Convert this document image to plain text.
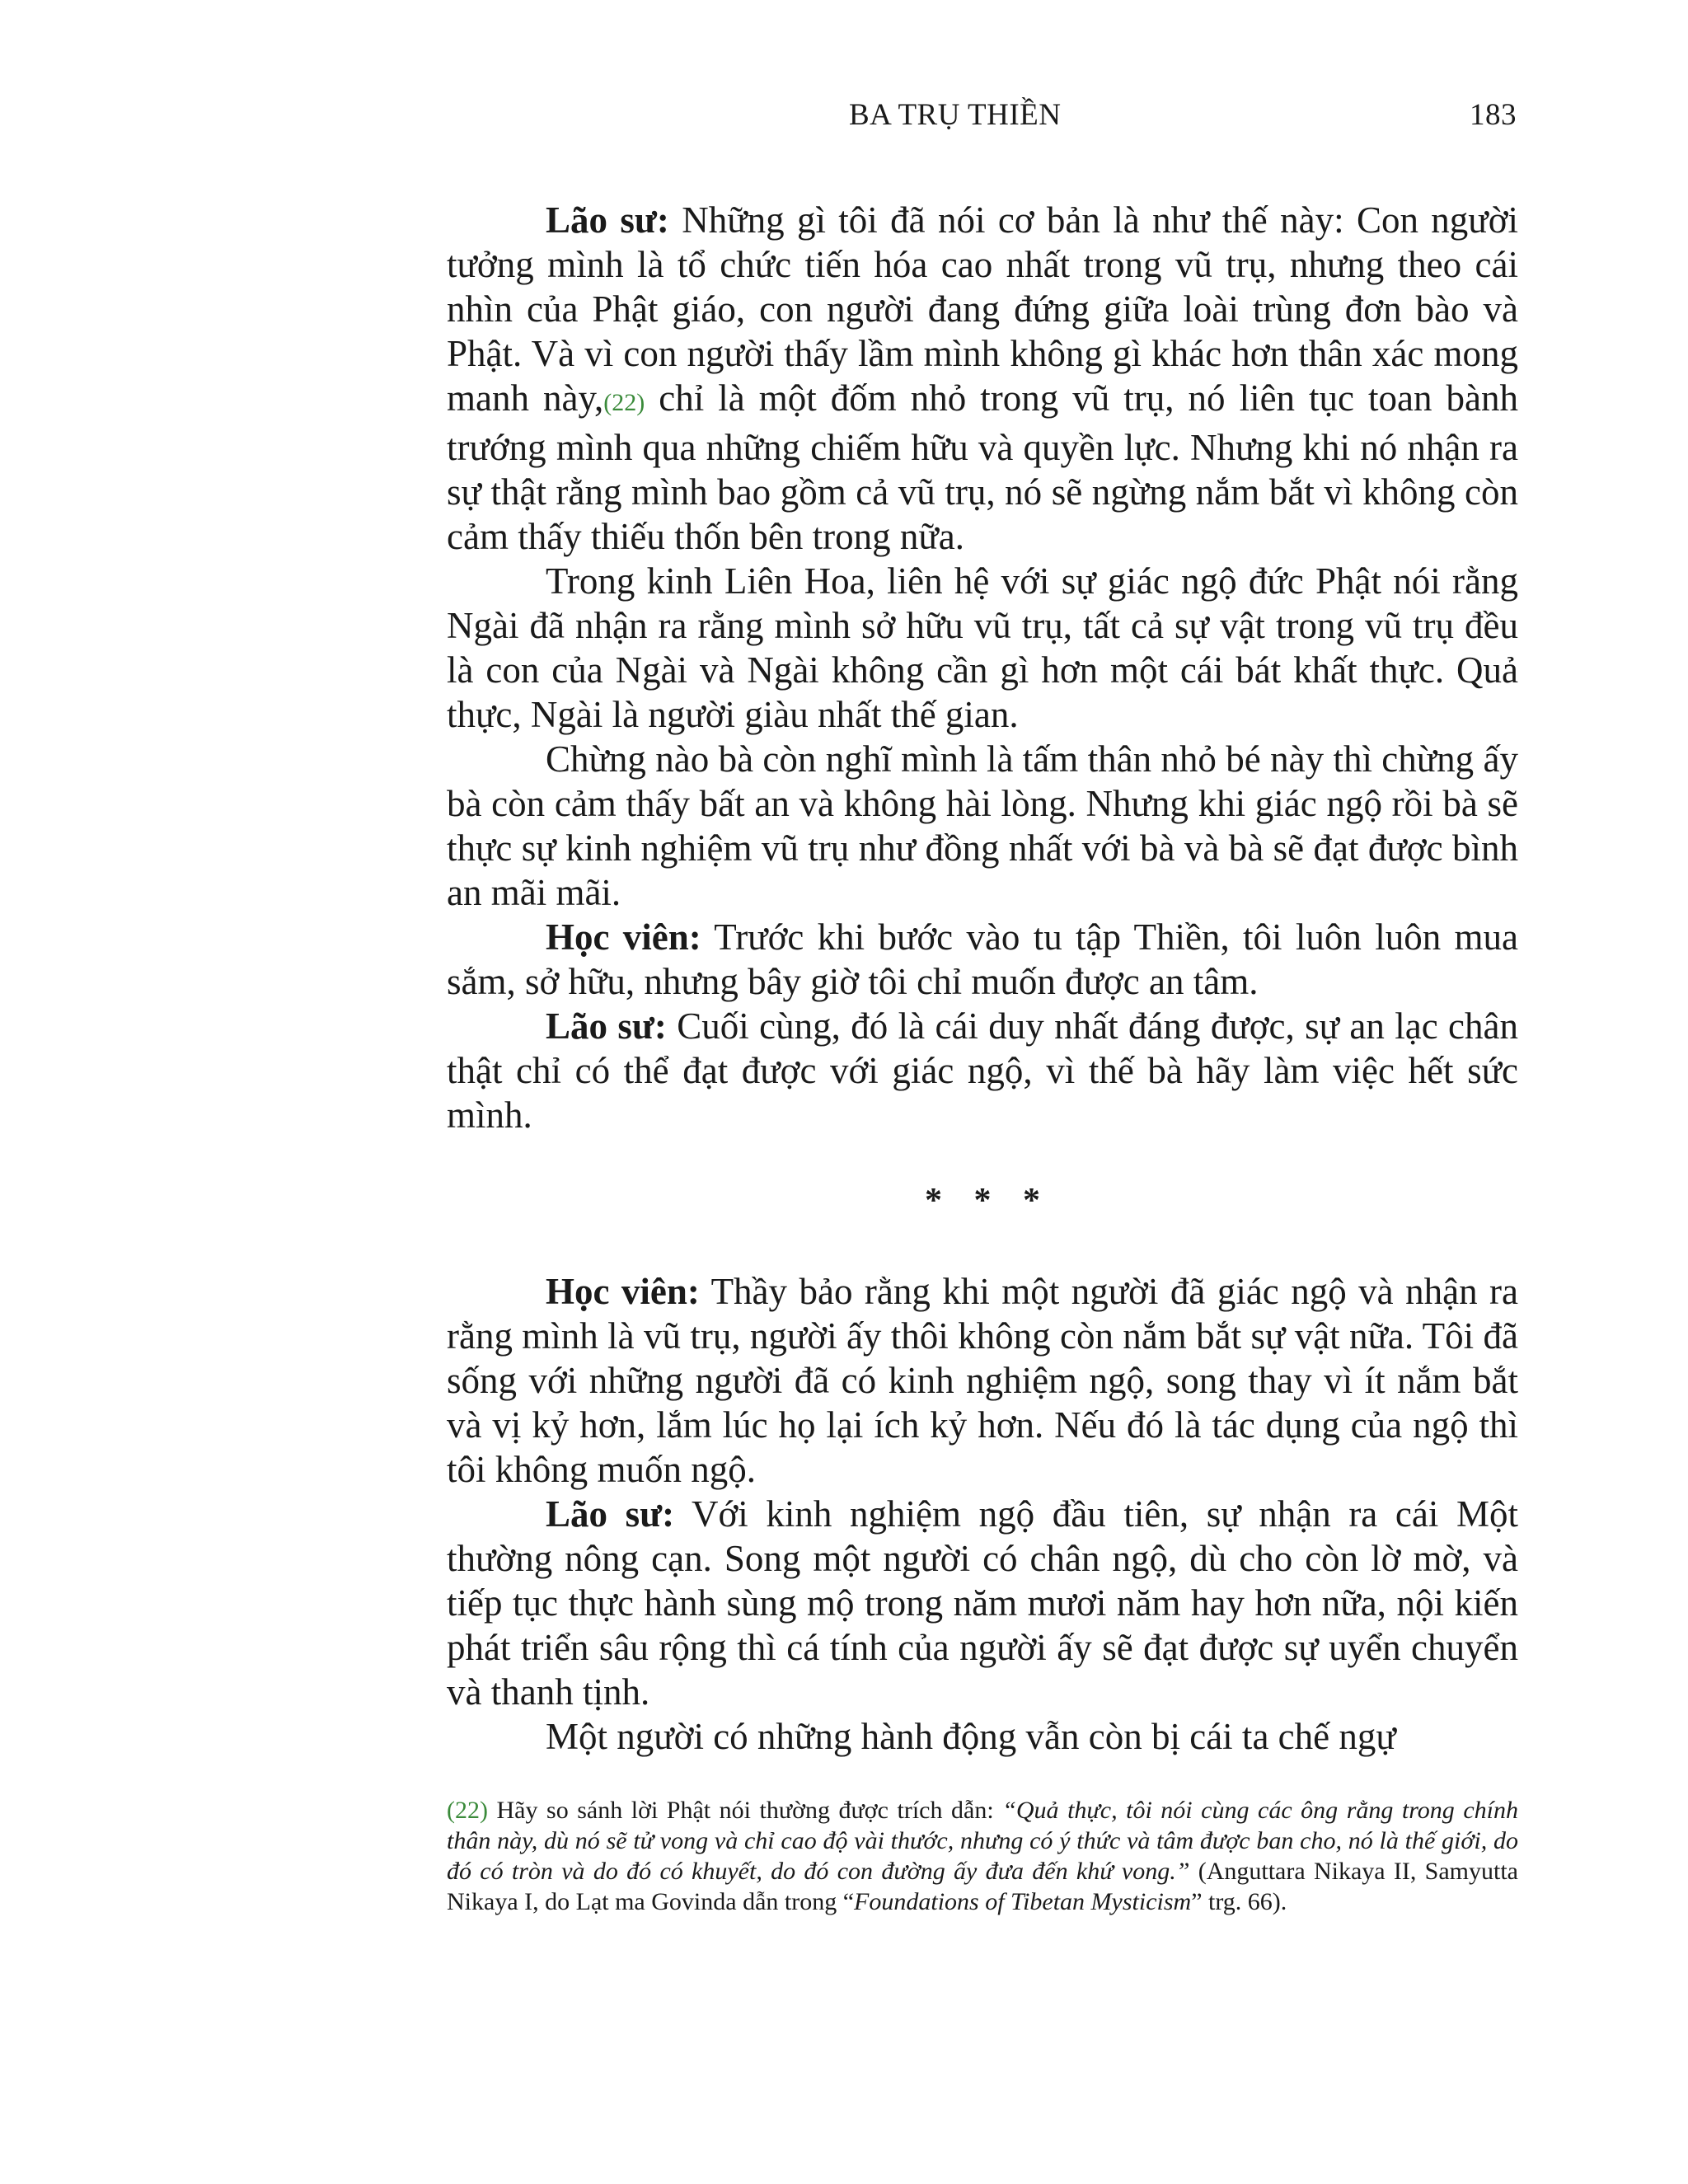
BA TRỤ THIỀN	183

Lão sư: Những gì tôi đã nói cơ bản là như thế này: Con người tưởng mình là tổ chức tiến hóa cao nhất trong vũ trụ, nhưng theo cái nhìn của Phật giáo, con người đang đứng giữa loài trùng đơn bào và Phật. Và vì con người thấy lầm mình không gì khác hơn thân xác mong manh này,(22) chỉ là một đốm nhỏ trong vũ trụ, nó liên tục toan bành trướng mình qua những chiếm hữu và quyền lực. Nhưng khi nó nhận ra sự thật rằng mình bao gồm cả vũ trụ, nó sẽ ngừng nắm bắt vì không còn cảm thấy thiếu thốn bên trong nữa.

Trong kinh Liên Hoa, liên hệ với sự giác ngộ đức Phật nói rằng Ngài đã nhận ra rằng mình sở hữu vũ trụ, tất cả sự vật trong vũ trụ đều là con của Ngài và Ngài không cần gì hơn một cái bát khất thực. Quả thực, Ngài là người giàu nhất thế gian.

Chừng nào bà còn nghĩ mình là tấm thân nhỏ bé này thì chừng ấy bà còn cảm thấy bất an và không hài lòng. Nhưng khi giác ngộ rồi bà sẽ thực sự kinh nghiệm vũ trụ như đồng nhất với bà và bà sẽ đạt được bình an mãi mãi.

Học viên: Trước khi bước vào tu tập Thiền, tôi luôn luôn mua sắm, sở hữu, nhưng bây giờ tôi chỉ muốn được an tâm.

Lão sư: Cuối cùng, đó là cái duy nhất đáng được, sự an lạc chân thật chỉ có thể đạt được với giác ngộ, vì thế bà hãy làm việc hết sức mình.

* * *

Học viên: Thầy bảo rằng khi một người đã giác ngộ và nhận ra rằng mình là vũ trụ, người ấy thôi không còn nắm bắt sự vật nữa. Tôi đã sống với những người đã có kinh nghiệm ngộ, song thay vì ít nắm bắt và vị kỷ hơn, lắm lúc họ lại ích kỷ hơn. Nếu đó là tác dụng của ngộ thì tôi không muốn ngộ.

Lão sư: Với kinh nghiệm ngộ đầu tiên, sự nhận ra cái Một thường nông cạn. Song một người có chân ngộ, dù cho còn lờ mờ, và tiếp tục thực hành sùng mộ trong năm mươi năm hay hơn nữa, nội kiến phát triển sâu rộng thì cá tính của người ấy sẽ đạt được sự uyển chuyển và thanh tịnh.

Một người có những hành động vẫn còn bị cái ta chế ngự

(22) Hãy so sánh lời Phật nói thường được trích dẫn: “Quả thực, tôi nói cùng các ông rằng trong chính thân này, dù nó sẽ tử vong và chỉ cao độ vài thước, nhưng có ý thức và tâm được ban cho, nó là thế giới, do đó có tròn và do đó có khuyết, do đó con đường ấy đưa đến khứ vong.” (Anguttara Nikaya II, Samyutta Nikaya I, do Lạt ma Govinda dẫn trong “Foundations of Tibetan Mysticism” trg. 66).
